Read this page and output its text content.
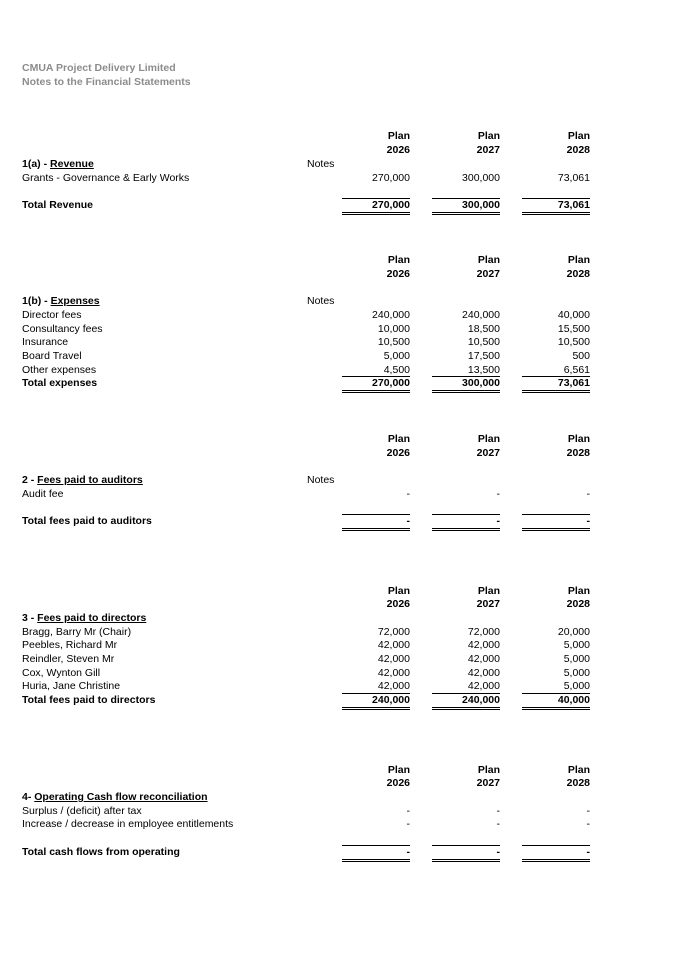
CMUA Project Delivery Limited
Notes to the Financial Statements
Plan	Plan	Plan
2026	2027	2028
1(a) - Revenue	Notes
Grants - Governance & Early Works	270,000	300,000	73,061
Total Revenue	270,000	300,000	73,061
Plan	Plan	Plan
2026	2027	2028
1(b) - Expenses	Notes
Director fees	240,000	240,000	40,000
Consultancy fees	10,000	18,500	15,500
Insurance	10,500	10,500	10,500
Board Travel	5,000	17,500	500
Other expenses	4,500	13,500	6,561
Total expenses	270,000	300,000	73,061
Plan	Plan	Plan
2026	2027	2028
2 - Fees paid to auditors	Notes
Audit fee	-	-	-
Total fees paid to auditors	-	-	-
Plan	Plan	Plan
2026	2027	2028
3 - Fees paid to directors
Bragg, Barry Mr (Chair)	72,000	72,000	20,000
Peebles, Richard Mr	42,000	42,000	5,000
Reindler, Steven Mr	42,000	42,000	5,000
Cox, Wynton Gill	42,000	42,000	5,000
Huria, Jane Christine	42,000	42,000	5,000
Total fees paid to directors	240,000	240,000	40,000
Plan	Plan	Plan
2026	2027	2028
4- Operating Cash flow reconciliation
Surplus / (deficit) after tax	-	-	-
Increase / decrease in employee entitlements	-	-	-
Total cash flows from operating	-	-	-
